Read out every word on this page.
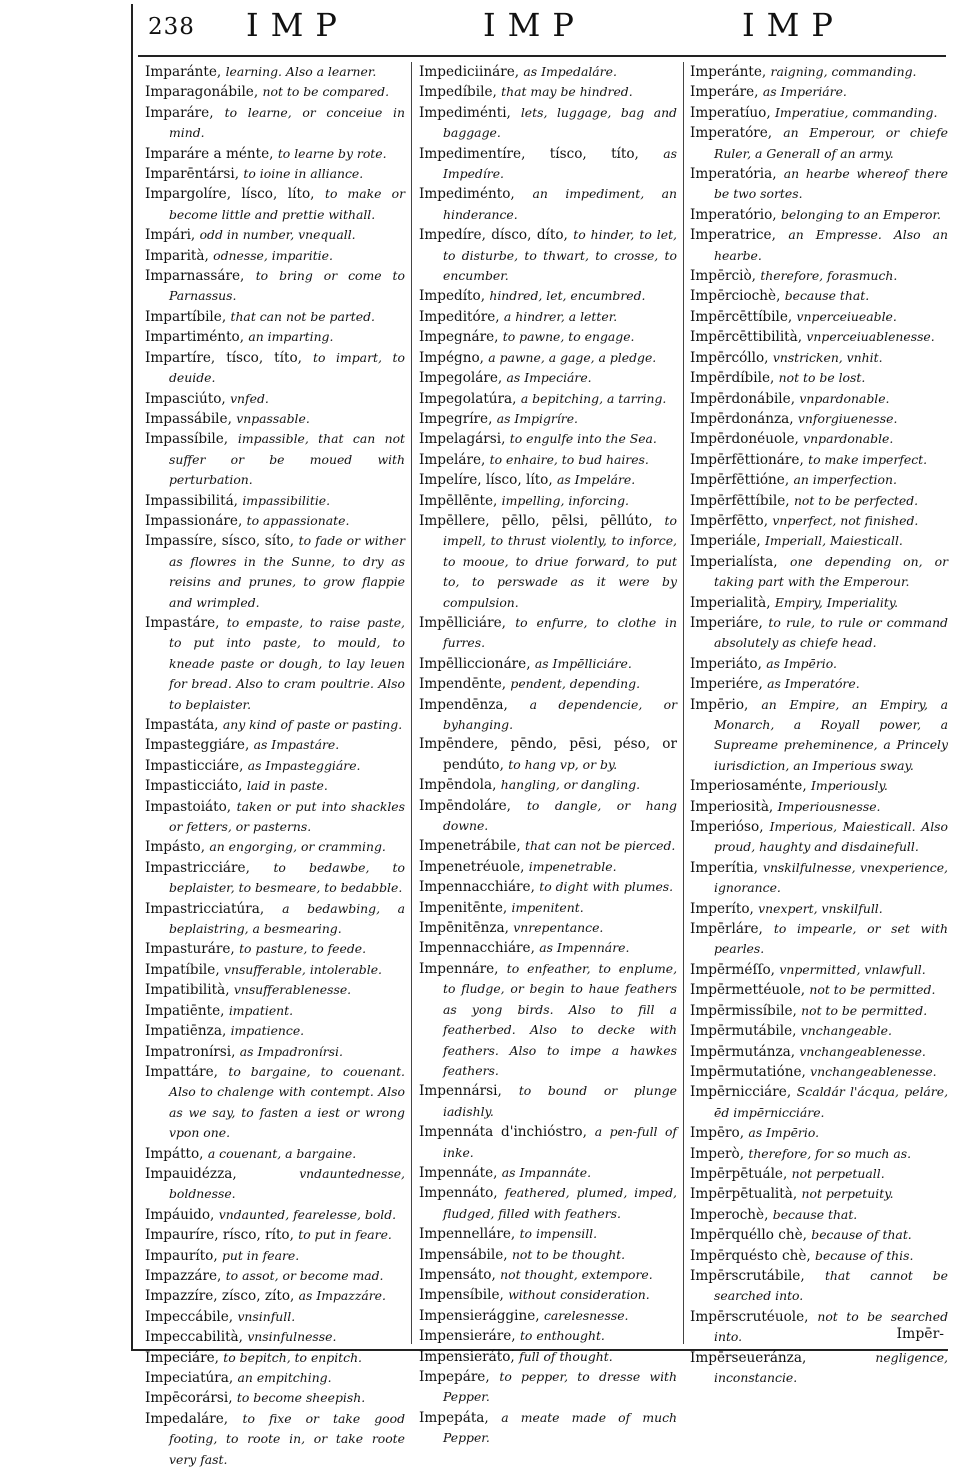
238 IMP	IMP	IMP
Imparánte, learning. Also a learner.
Imparagonábile, not to be compared.
Imparáre, to learne, or conceiue in mind.
Imparáre a ménte, to learne by rote.
Imparēntársi, to ioine in alliance.
Impargolíre, lísco, líto, to make or become little and prettie withall.
Impári, odd in number, vnequall.
Imparità, odnesse, imparitie.
Imparnassáre, to bring or come to Parnassus.
Impartíbile, that can not be parted.
Impartiménto, an imparting.
Impartíre, tísco, títo, to impart, to deuide.
Impasciúto, vnfed.
Impassábile, vnpassable.
Impassíbile, impassible, that can not suffer or be moued with perturbation.
Impassibilitá, impassibilitie.
Impassionáre, to appassionate.
Impassíre, sísco, síto, to fade or wither as flowres in the Sunne, to dry as reisins and prunes, to grow flappie and wrimpled.
Impastáre, to empaste, to raise paste, to put into paste, to mould, to kneade paste or dough, to lay leuen for bread. Also to cram poultrie. Also to beplaister.
Impastáta, any kind of paste or pasting.
Impasteggiáre, as Impastáre.
Impasticciáre, as Impasteggiáre.
Impasticciáto, laid in paste.
Impastoiáto, taken or put into shackles or fetters, or pasterns.
Impásto, an engorging, or cramming.
Impastricciáre, to bedawbe, to beplaister, to besmeare, to bedabble.
Impastricciatúra, a bedawbing, a beplaistring, a besmearing.
Impasturáre, to pasture, to feede.
Impatíbile, vnsufferable, intolerable.
Impatibilità, vnsufferablenesse.
Impatiēnte, impatient.
Impatiēnza, impatience.
Impatronírsi, as Impadronírsi.
Impattáre, to bargaine, to couenant. Also to chalenge with contempt. Also as we say, to fasten a iest or wrong vpon one.
Impátto, a couenant, a bargaine.
Impauidézza,	vndauntednesse, boldnesse.
Impáuido, vndaunted, fearelesse, bold.
Impauríre, rísco, ríto, to put in feare.
Impauríto, put in feare.
Impazzáre, to assot, or become mad.
Impazzíre, zísco, zíto, as Impazzáre.
Impeccábile, vnsinfull.
Impeccabilità, vnsinfulnesse.
Impeciáre, to bepitch, to enpitch.
Impeciatúra, an empitching.
Impēcorársi, to become sheepish.
Impedaláre, to fixe or take good footing, to roote in, or take roote very fast.
Impediciináre, as Impedaláre.
Impedíbile, that may be hindred.
Impediménti, lets, luggage, bag and baggage.
Impedimentíre, tísco, títo, as Impedíre.
Impediménto, an impediment, an hinderance.
Impedíre, dísco, díto, to hinder, to let, to disturbe, to thwart, to crosse, to encumber.
Impedíto, hindred, let, encumbred.
Impeditóre, a hindrer, a letter.
Impegnáre, to pawne, to engage.
Impégno, a pawne, a gage, a pledge.
Impegoláre, as Impeciáre.
Impegolatúra, a bepitching, a tarring.
Impegríre, as Impigríre.
Impelagársi, to engulfe into the Sea.
Impeláre, to enhaire, to bud haires.
Impelíre, lísco, líto, as Impeláre.
Impēllēnte, impelling, inforcing.
Impēllere, pēllo, pēlsi, pēllúto, to impell, to thrust violently, to inforce, to mooue, to driue forward, to put to, to perswade as it were by compulsion.
Impēlliciáre, to enfurre, to clothe in furres.
Impēlliccionáre, as Impēlliciáre.
Impendēnte, pendent, depending.
Impendēnza, a dependencie, or byhanging.
Impēndere, pēndo, pēsi, péso, or pendúto, to hang vp, or by.
Impēndola, hangling, or dangling.
Impēndoláre, to dangle, or hang downe.
Impenetrábile, that can not be pierced.
Impenetréuole, impenetrable.
Impennacchiáre, to dight with plumes.
Impenitēnte, impenitent.
Impēnitēnza, vnrepentance.
Impennacchiáre, as Impennáre.
Impennáre, to enfeather, to enplume, to fludge, or begin to haue feathers as yong birds. Also to fill a featherbed. Also to decke with feathers. Also to impe a hawkes feathers.
Impennársi, to bound or plunge iadishly.
Impennáta d'inchióstro, a pen-full of inke.
Impennáte, as Impannáte.
Impennáto, feathered, plumed, imped, fludged, filled with feathers.
Impennelláre, to impensill.
Impensábile, not to be thought.
Impensáto, not thought, extempore.
Impensíbile, without consideration.
Impensierággine, carelesnesse.
Impensieráre, to enthought.
Impensieráto, full of thought.
Impepáre, to pepper, to dresse with Pepper.
Impepáta, a meate made of much Pepper.
Imperánte, raigning, commanding.
Imperáre, as Imperiáre.
Imperatíuo, Imperatiue, commanding.
Imperatóre, an Emperour, or chiefe Ruler, a Generall of an army.
Imperatória, an hearbe whereof there be two sortes.
Imperatório, belonging to an Emperor.
Imperatrice, an Empresse. Also an hearbe.
Impērciò, therefore, forasmuch.
Impērciochè, because that.
Impērcēttíbile, vnperceiueable.
Impērcēttibilità, vnperceiuablenesse.
Impērcóllo, vnstricken, vnhit.
Impērdíbile, not to be lost.
Impērdonábile, vnpardonable.
Impērdonánza, vnforgiuenesse.
Impērdonéuole, vnpardonable.
Impērfēttionáre, to make imperfect.
Impērfēttióne, an imperfection.
Impērfēttíbile, not to be perfected.
Impērfētto, vnperfect, not finished.
Imperiále, Imperiall, Maiesticall.
Imperialísta, one depending on, or taking part with the Emperour.
Imperialità, Empiry, Imperiality.
Imperiáre, to rule, to rule or command absolutely as chiefe head.
Imperiáto, as Impērio.
Imperiére, as Imperatóre.
Impērio, an Empire, an Empiry, a Monarch, a Royall power, a Supreame preheminence, a Princely iurisdiction, an Imperious sway.
Imperiosaménte, Imperiously.
Imperiosità, Imperiousnesse.
Imperióso, Imperious, Maiesticall. Also proud, haughty and disdainefull.
Imperítia, vnskilfulnesse, vnexperience, ignorance.
Imperíto, vnexpert, vnskilfull.
Impērláre, to impearle, or set with pearles.
Impērméſſo, vnpermitted, vnlawfull.
Impērmettéuole, not to be permitted.
Impērmissíbile, not to be permitted.
Impērmutábile, vnchangeable.
Impērmutánza, vnchangeablenesse.
Impērmutatióne, vnchangeablenesse.
Impērnicciáre, Scaldár l'ácqua, peláre, ēd impērnicciáre.
Impēro, as Impērio.
Imperò, therefore, for so much as.
Impērpētuále, not perpetuall.
Impērpētualità, not perpetuity.
Imperochè, because that.
Impērquéllo chè, because of that.
Impērquésto chè, because of this.
Impērscrutábile, that cannot be searched into.
Impērscrutéuole, not to be searched into.
Impērseueránza,	negligence, inconstancie.
Impēr-
